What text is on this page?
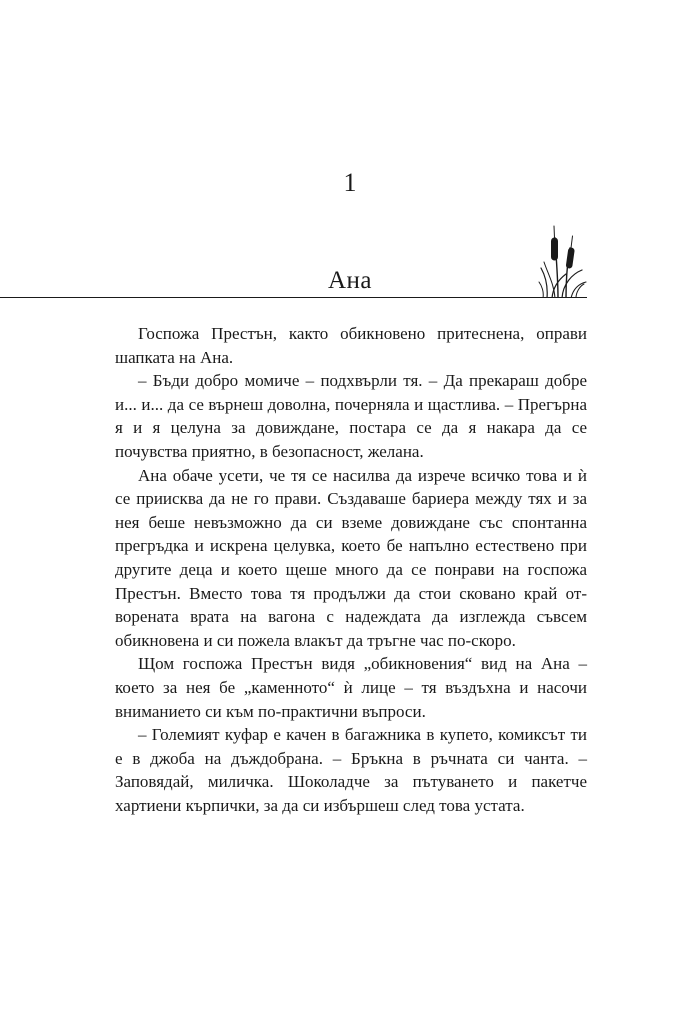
1
Ана

Госпожа Престън, както обикновено притеснена, оправи шапката на Ана.

– Бъди добро момиче – подхвърли тя. – Да прекараш добре и... и... да се върнеш доволна, почерняла и щастлива. – Прегърна я и я целуна за довиждане, постара се да я накара да се почувства приятно, в безопасност, желана.

Ана обаче усети, че тя се насилва да изрече всичко това и ѝ се приисква да не го прави. Създаваше бариера между тях и за нея беше невъзможно да си вземе довиждане със спонтанна прегръдка и искрена целувка, което бе напълно естествено при другите деца и което щеше много да се понрави на госпожа Престън. Вместо това тя продължи да стои сковано край отворената врата на вагона с надеждата да изглежда съвсем обикновена и си пожела влакът да тръгне час по-скоро.

Щом госпожа Престън видя „обикновения“ вид на Ана – което за нея бе „каменното“ ѝ лице – тя въздъхна и насочи вниманието си към по-практични въпроси.

– Големият куфар е качен в багажника в купето, комиксът ти е в джоба на дъждобрана. – Бръкна в ръчната си чанта. – Заповядай, миличка. Шоколадче за пътуването и пакетче хартиени кърпички, за да си избършеш след това устата.
